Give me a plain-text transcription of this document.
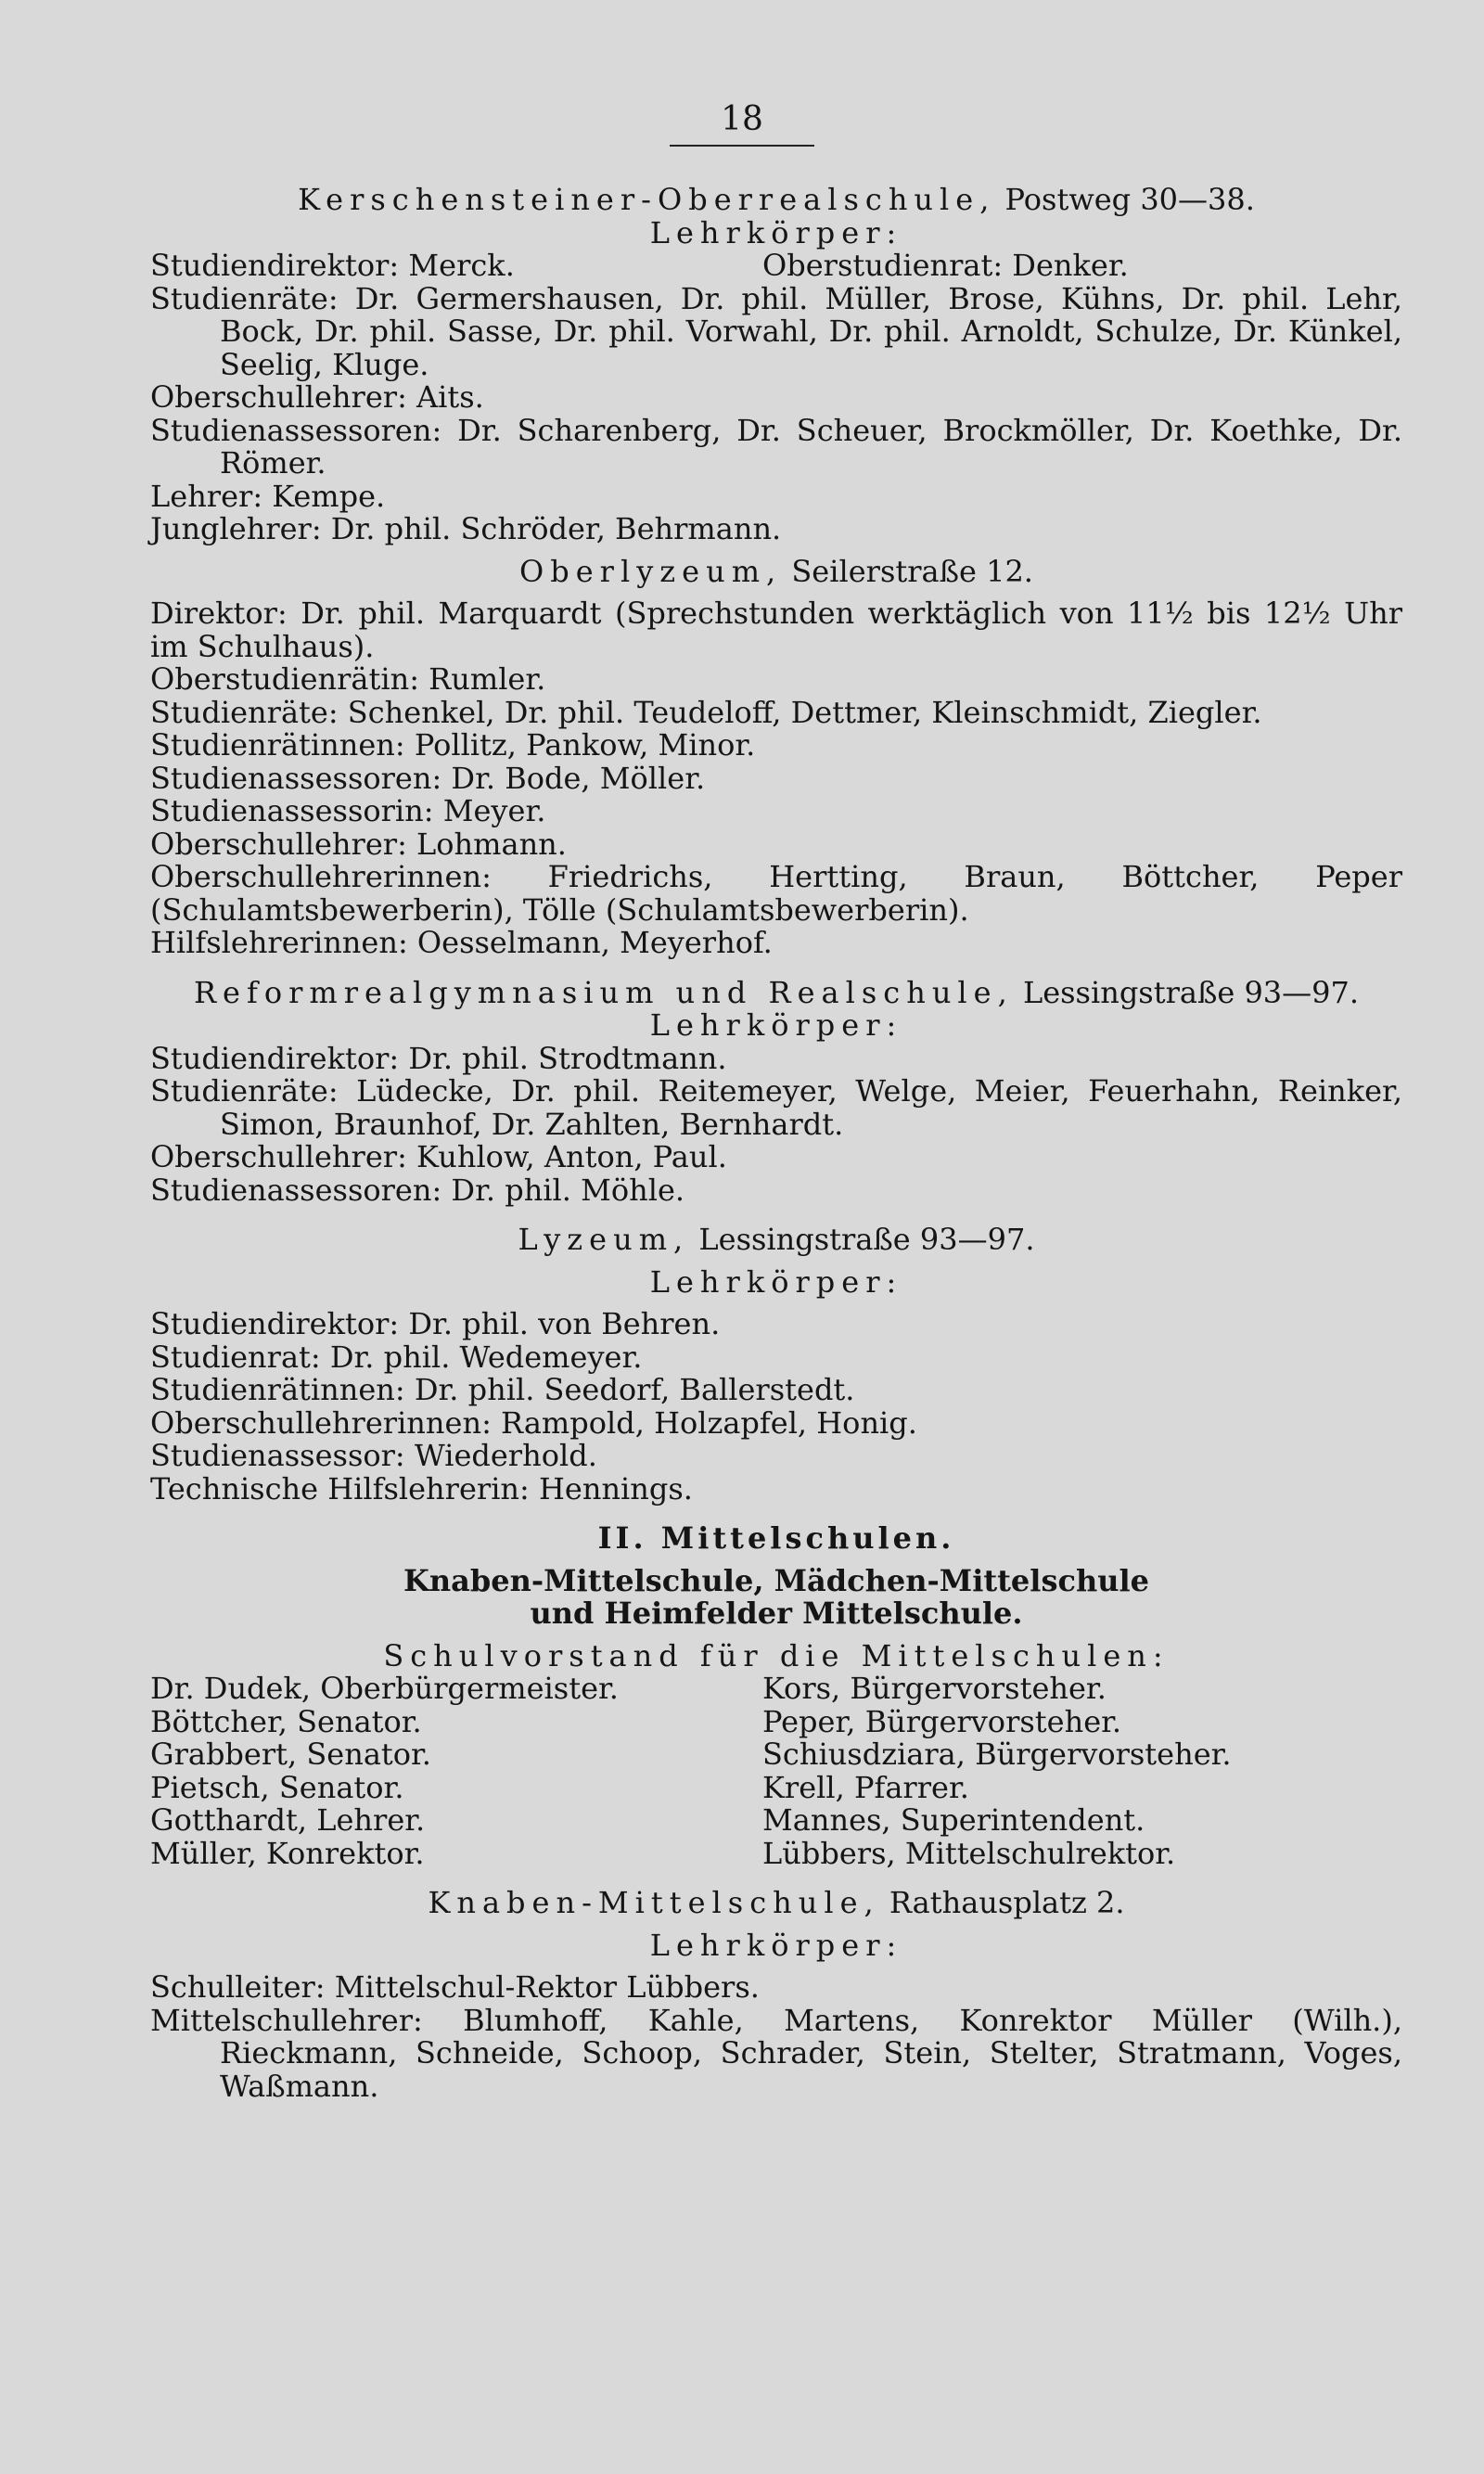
18

Kerschensteiner-Oberrealschule, Postweg 30—38.

Lehrkörper:

Studiendirektor: Merck.	Oberstudienrat: Denker.

Studienräte: Dr. Germershausen, Dr. phil. Müller, Brose, Kühns, Dr. phil. Lehr, Bock, Dr. phil. Sasse, Dr. phil. Vorwahl, Dr. phil. Arnoldt, Schulze, Dr. Künkel, Seelig, Kluge.

Oberschullehrer: Aits.

Studienassessoren: Dr. Scharenberg, Dr. Scheuer, Brockmöller, Dr. Koethke, Dr. Römer.

Lehrer: Kempe.

Junglehrer: Dr. phil. Schröder, Behrmann.

Oberlyzeum, Seilerstraße 12.

Direktor: Dr. phil. Marquardt (Sprechstunden werktäglich von 11½ bis 12½ Uhr im Schulhaus).

Oberstudienrätin: Rumler.

Studienräte: Schenkel, Dr. phil. Teudeloff, Dettmer, Kleinschmidt, Ziegler.

Studienrätinnen: Pollitz, Pankow, Minor.

Studienassessoren: Dr. Bode, Möller.

Studienassessorin: Meyer.

Oberschullehrer: Lohmann.

Oberschullehrerinnen: Friedrichs, Hertting, Braun, Böttcher, Peper (Schulamtsbewerberin), Tölle (Schulamtsbewerberin).

Hilfslehrerinnen: Oesselmann, Meyerhof.

Reformrealgymnasium und Realschule, Lessingstraße 93—97.

Lehrkörper:

Studiendirektor: Dr. phil. Strodtmann.

Studienräte: Lüdecke, Dr. phil. Reitemeyer, Welge, Meier, Feuerhahn, Reinker, Simon, Braunhof, Dr. Zahlten, Bernhardt.

Oberschullehrer: Kuhlow, Anton, Paul.

Studienassessoren: Dr. phil. Möhle.

Lyzeum, Lessingstraße 93—97.

Lehrkörper:

Studiendirektor: Dr. phil. von Behren.

Studienrat: Dr. phil. Wedemeyer.

Studienrätinnen: Dr. phil. Seedorf, Ballerstedt.

Oberschullehrerinnen: Rampold, Holzapfel, Honig.

Studienassessor: Wiederhold.

Technische Hilfslehrerin: Hennings.

II. Mittelschulen.

Knaben-Mittelschule, Mädchen-Mittelschule

und Heimfelder Mittelschule.

Schulvorstand für die Mittelschulen:

Dr. Dudek, Oberbürgermeister.

Böttcher, Senator.

Grabbert, Senator.

Pietsch, Senator.

Gotthardt, Lehrer.

Müller, Konrektor.

Kors, Bürgervorsteher.

Peper, Bürgervorsteher.

Schiusdziara, Bürgervorsteher.

Krell, Pfarrer.

Mannes, Superintendent.

Lübbers, Mittelschulrektor.

Knaben-Mittelschule, Rathausplatz 2.

Lehrkörper:

Schulleiter: Mittelschul-Rektor Lübbers.

Mittelschullehrer: Blumhoff, Kahle, Martens, Konrektor Müller (Wilh.), Rieckmann, Schneide, Schoop, Schrader, Stein, Stelter, Stratmann, Voges, Waßmann.
